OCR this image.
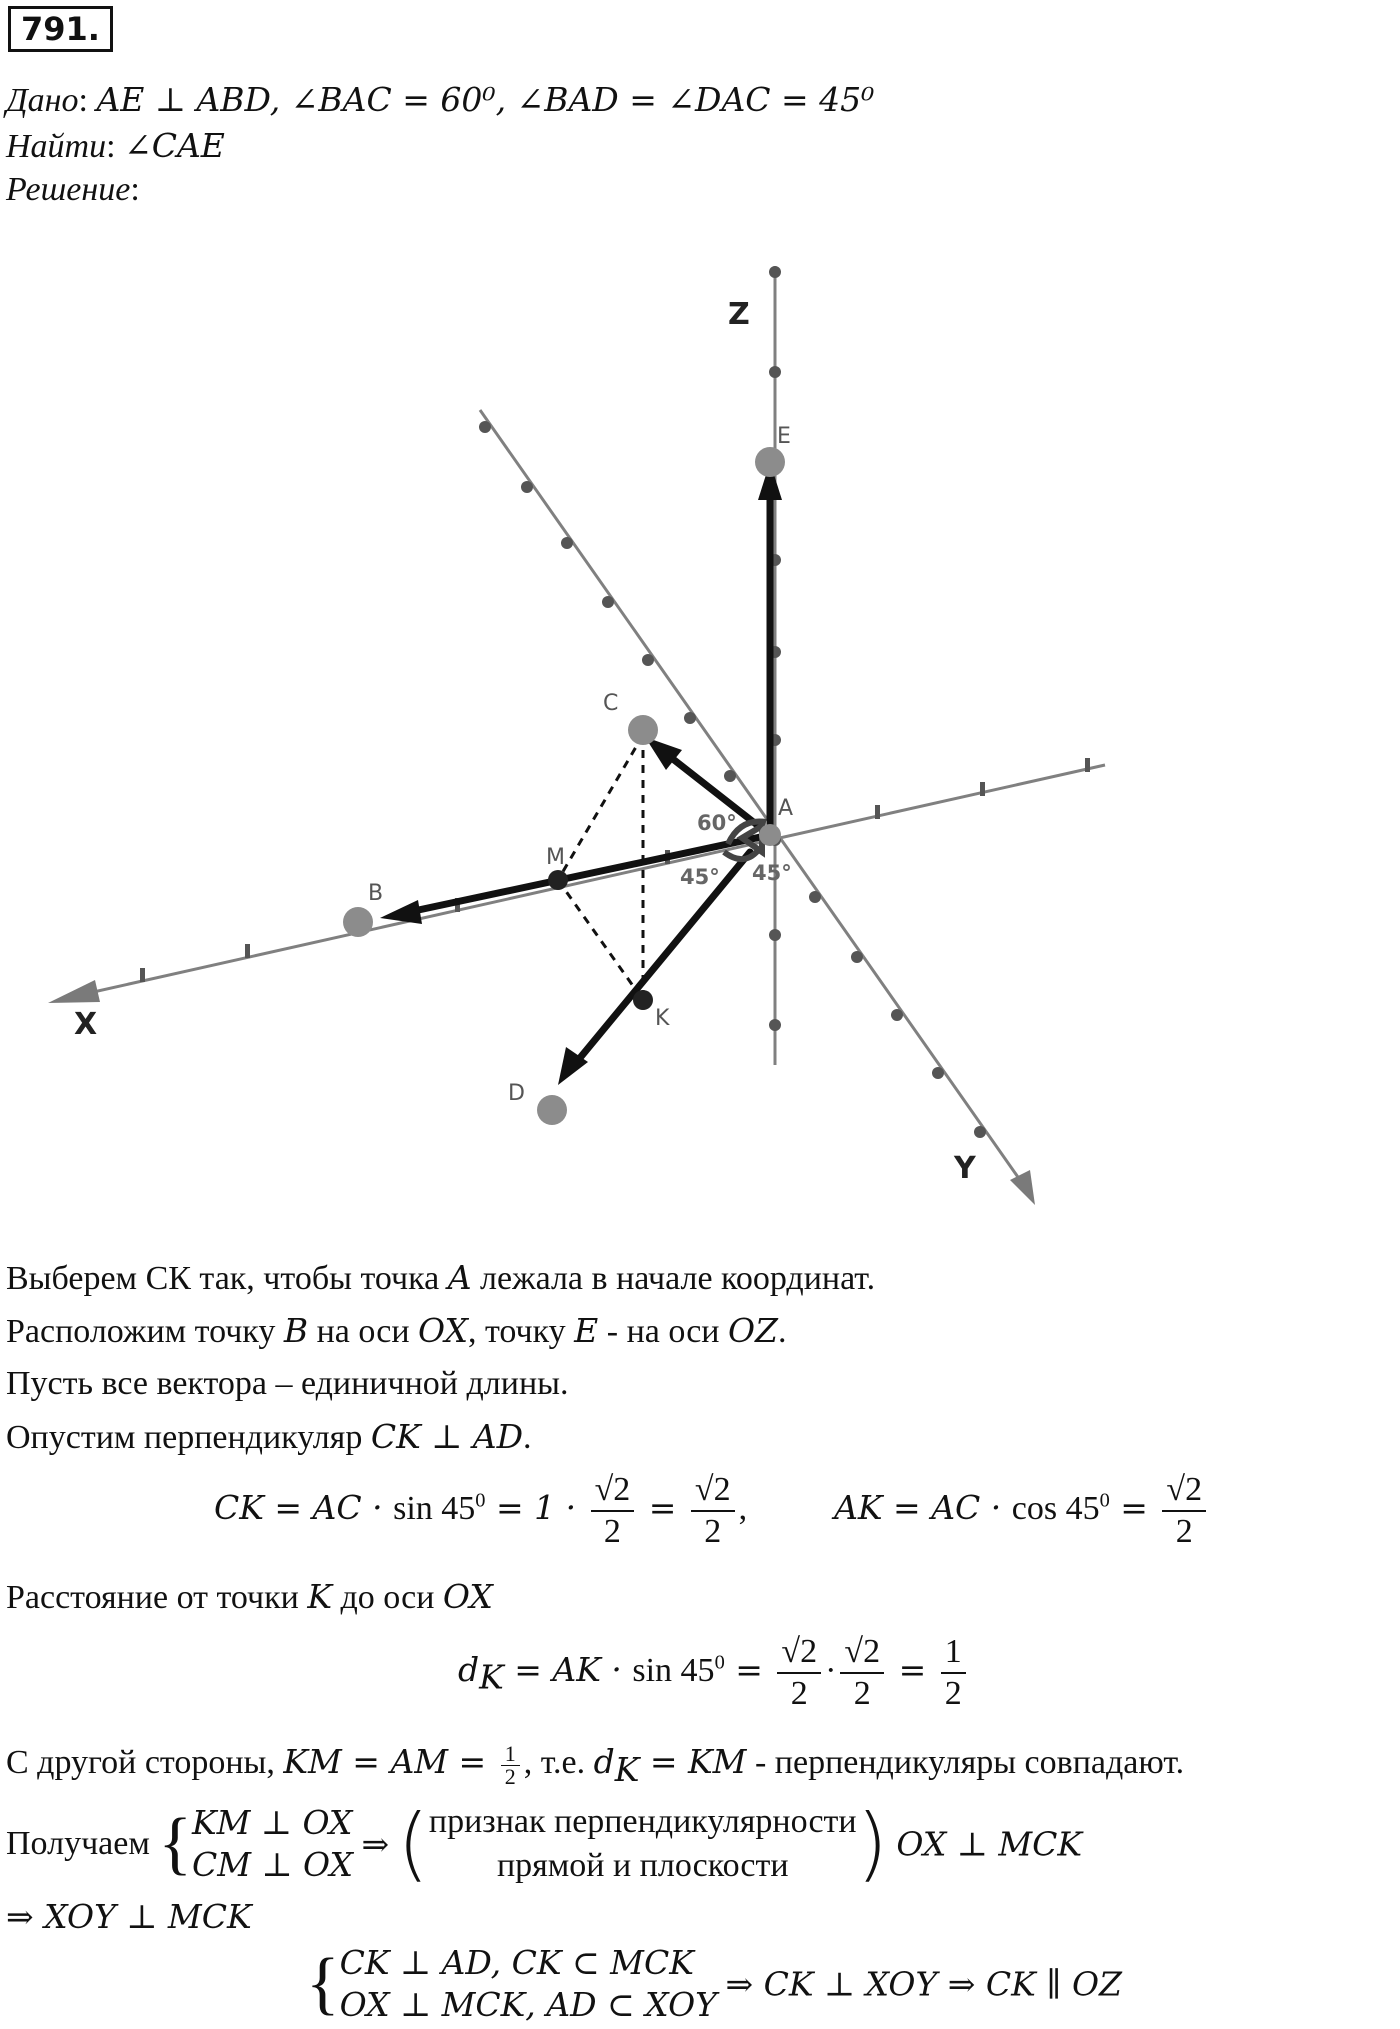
791.
Дано: AE ⊥ ABD, ∠BAC = 60⁰, ∠BAD = ∠DAC = 45⁰
Найти: ∠CAE
Решение:
E
C
B
D
A
M
K
60°
45° 45°
Z
X
Y
Выберем СК так, чтобы точка A лежала в начале координат.
Расположим точку B на оси OX, точку E - на оси OZ.
Пусть все вектора – единичной длины.
Опустим перпендикуляр CK ⊥ AD.
CK = AC · $\sin 45^0 = 1 \cdot \frac{√2}{2} = \frac{√2}{2}$ ,	AK = AC · $\cos 45^0 = \frac{√2}{2}$
Расстояние от точки K до оси OX
$d_K$ = AK · $\sin 45^0 = \frac{√2}{2} \cdot \frac{√2}{2} = \frac{1}{2}$
С другой стороны, KM = AM = $\frac{1}{2}$ , т.е. $d_K$ = KM - перпендикуляры совпадают.
Получаем { KM ⊥ OX
CM ⊥ OX
⇒ ( признак перпендикулярности
прямой и плоскости ) OX ⊥ MCK
⇒ XOY ⊥ MCK
{ CK ⊥ AD, CK ⊂ MCK
OX ⊥ MCK, AD ⊂ XOY
⇒ CK ⊥ XOY ⇒ CK ∥ OZ
